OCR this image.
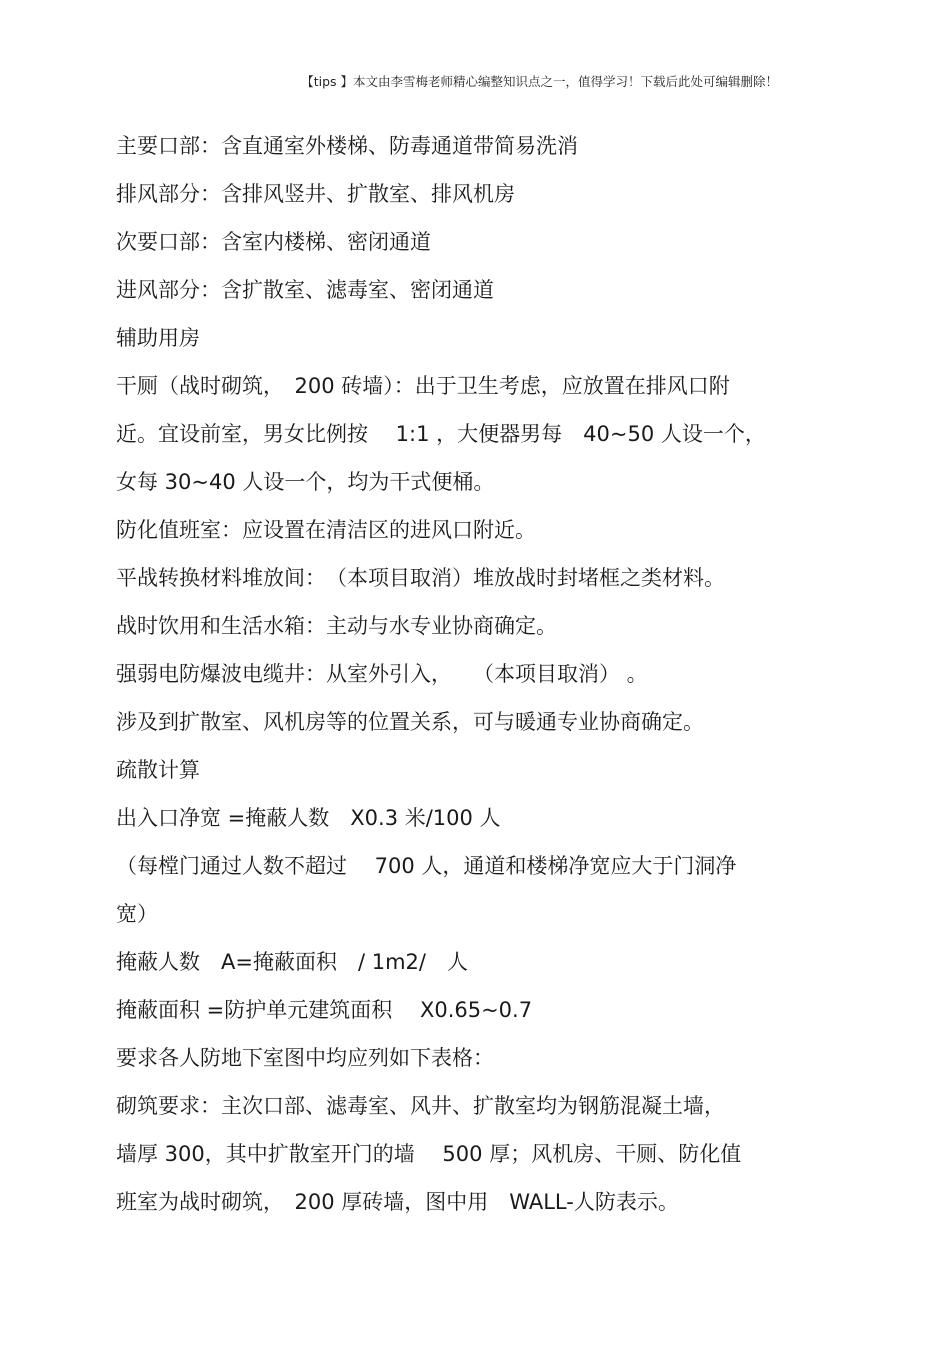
【tips 】本文由李雪梅老师精心编整知识点之一，值得学习！下载后此处可编辑删除！
主要口部：含直通室外楼梯、防毒通道带简易洗消
排风部分：含排风竖井、扩散室、排风机房
次要口部：含室内楼梯、密闭通道
进风部分：含扩散室、滤毒室、密闭通道
辅助用房
干厕（战时砌筑，　200 砖墙）：出于卫生考虑，应放置在排风口附
近。宜设前室，男女比例按　 1:1 ，大便器男每　40~50 人设一个，
女每 30~40 人设一个，均为干式便桶。
防化值班室：应设置在清洁区的进风口附近。
平战转换材料堆放间：　（本项目取消）堆放战时封堵框之类材料。
战时饮用和生活水箱：主动与水专业协商确定。
强弱电防爆波电缆井：从室外引入，　　（本项目取消） 。
涉及到扩散室、风机房等的位置关系，可与暖通专业协商确定。
疏散计算
出入口净宽 =掩蔽人数　X0.3 米/100 人
（每樘门通过人数不超过　 700 人，通道和楼梯净宽应大于门洞净
宽）
掩蔽人数　A=掩蔽面积　/ 1m2/　人
掩蔽面积 =防护单元建筑面积　 X0.65~0.7
要求各人防地下室图中均应列如下表格：
砌筑要求：主次口部、滤毒室、风井、扩散室均为钢筋混凝土墙，
墙厚 300，其中扩散室开门的墙　 500 厚；风机房、干厕、防化值
班室为战时砌筑，　200 厚砖墙，图中用　WALL-人防表示。
